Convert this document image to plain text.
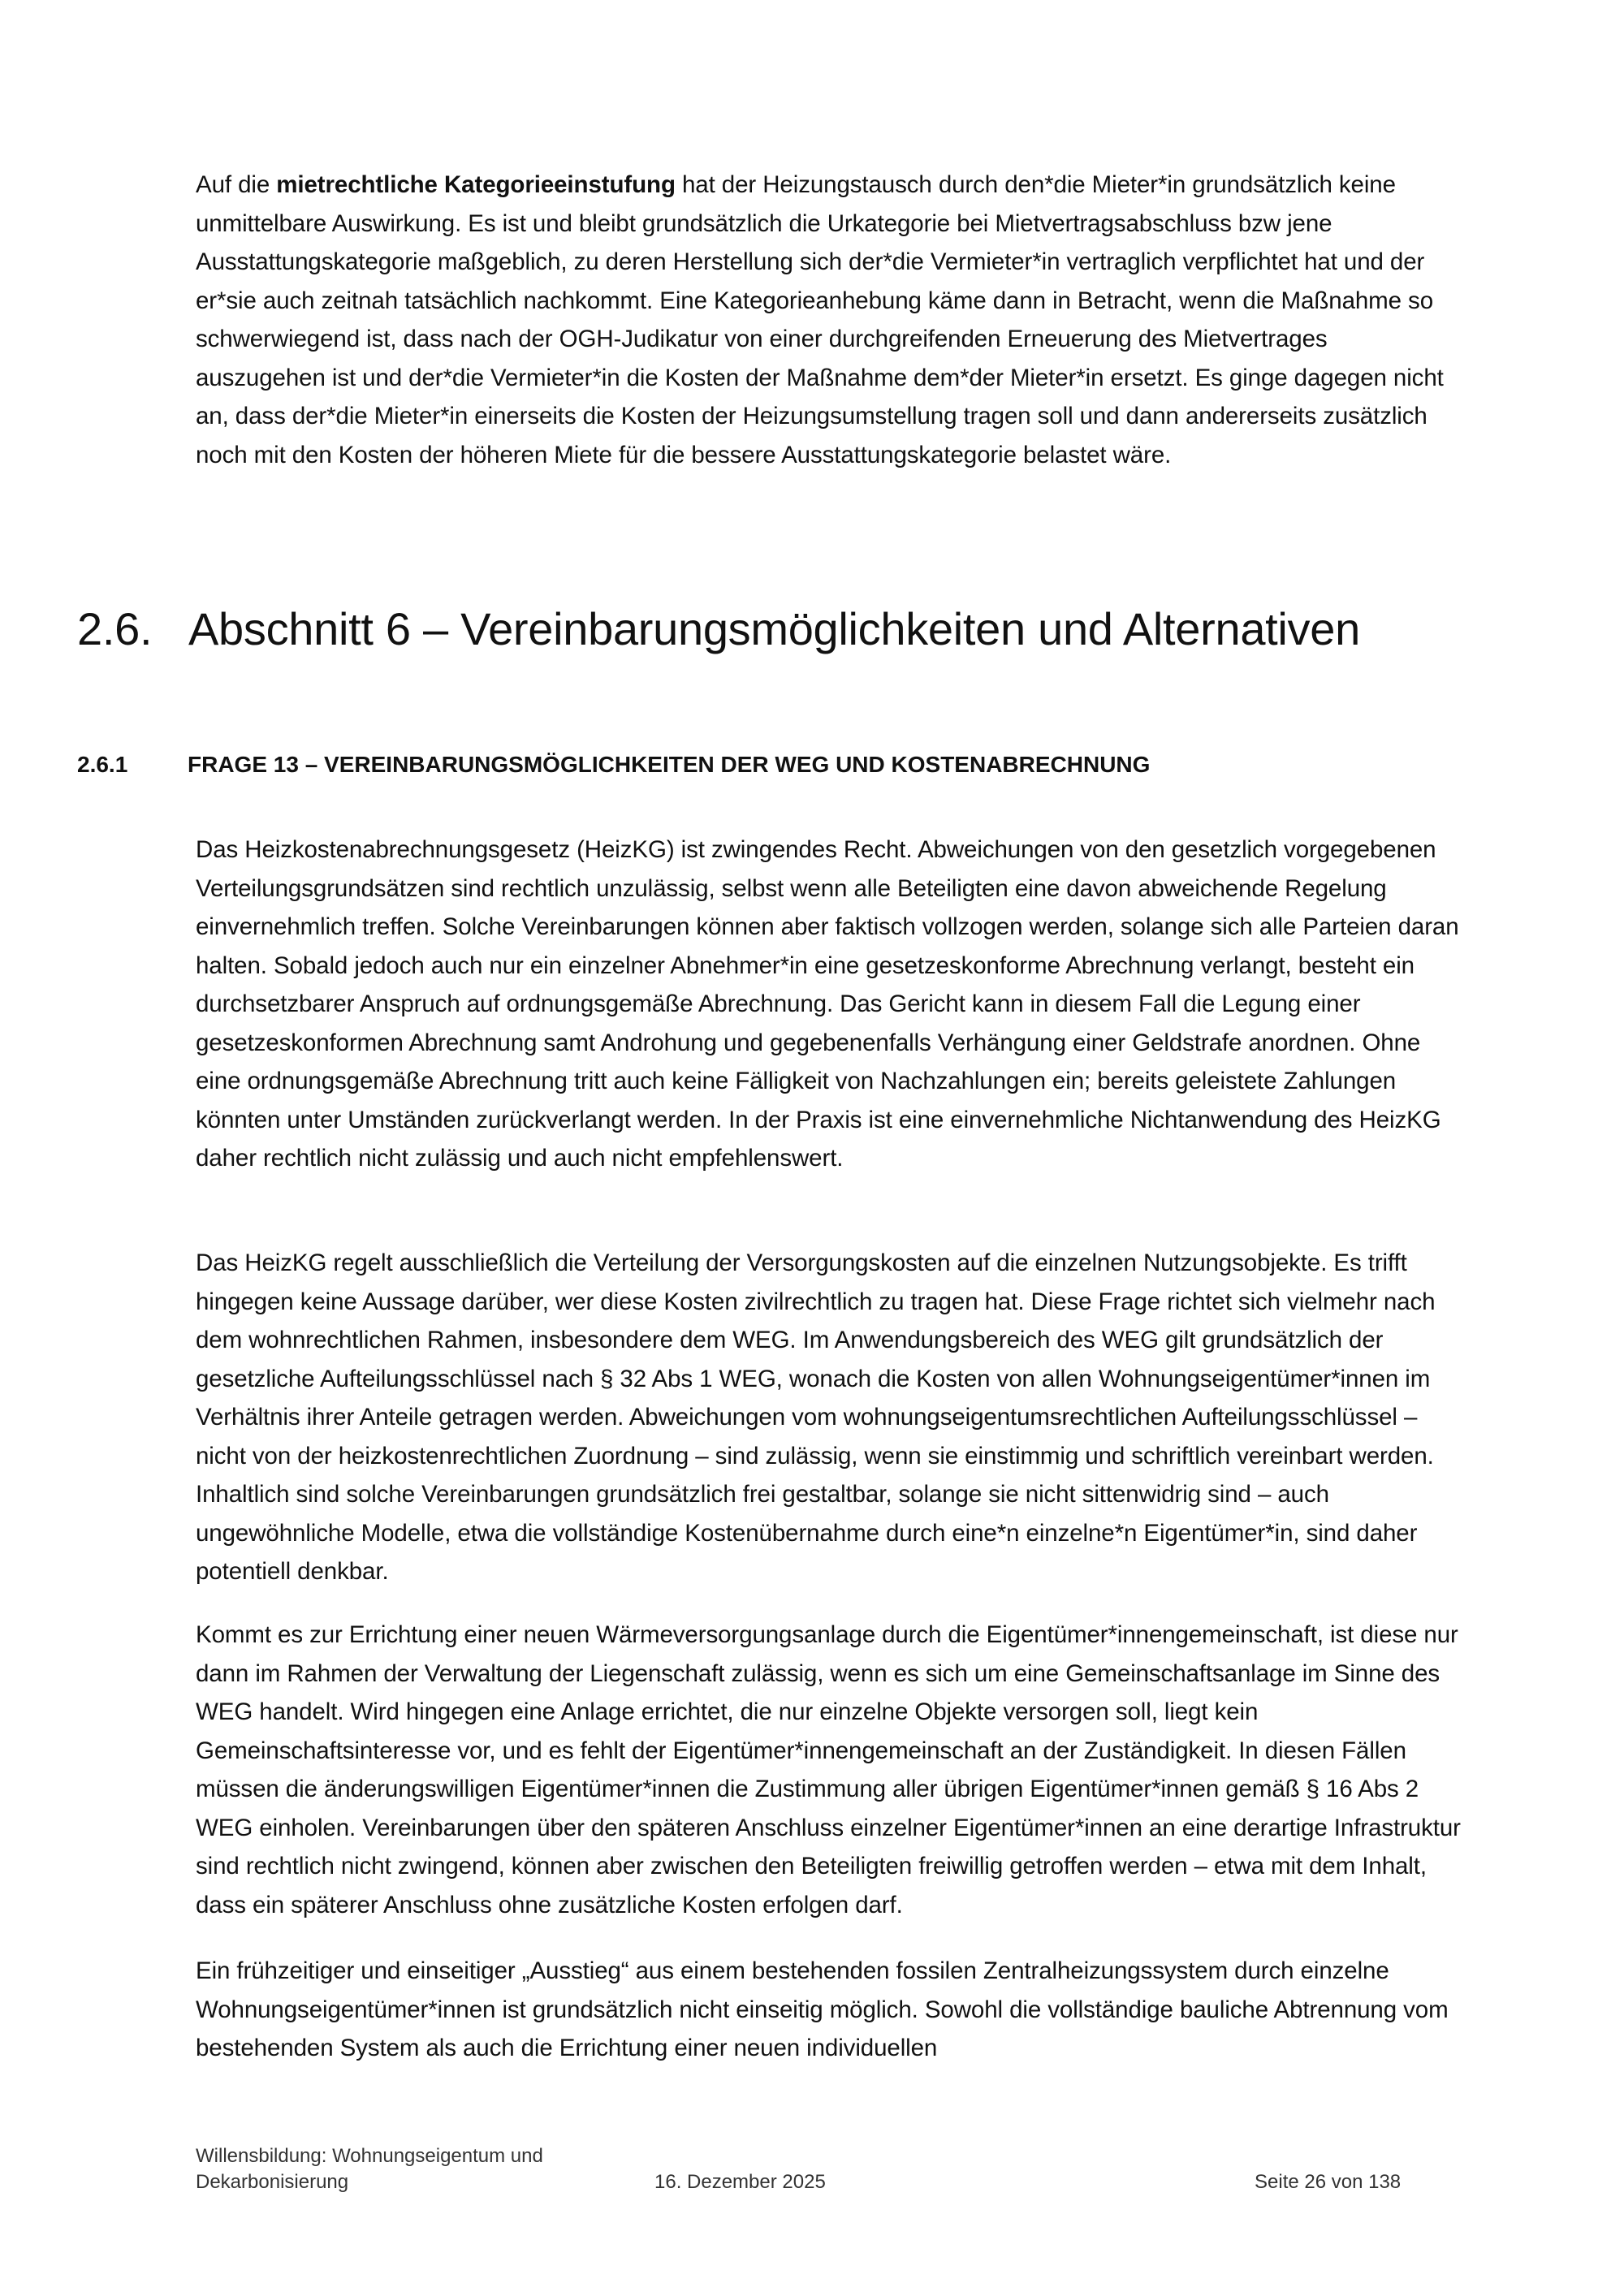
Auf die mietrechtliche Kategorieeinstufung hat der Heizungstausch durch den*die Mieter*in grundsätzlich keine unmittelbare Auswirkung. Es ist und bleibt grundsätzlich die Urkategorie bei Mietvertragsabschluss bzw jene Ausstattungskategorie maßgeblich, zu deren Herstellung sich der*die Vermieter*in vertraglich verpflichtet hat und der er*sie auch zeitnah tatsächlich nachkommt. Eine Kategorieanhebung käme dann in Betracht, wenn die Maßnahme so schwerwiegend ist, dass nach der OGH-Judikatur von einer durchgreifenden Erneuerung des Mietvertrages auszugehen ist und der*die Vermieter*in die Kosten der Maßnahme dem*der Mieter*in ersetzt. Es ginge dagegen nicht an, dass der*die Mieter*in einerseits die Kosten der Heizungsumstellung tragen soll und dann andererseits zusätzlich noch mit den Kosten der höheren Miete für die bessere Ausstattungskategorie belastet wäre.

2.6. Abschnitt 6 – Vereinbarungsmöglichkeiten und Alternativen
2.6.1	FRAGE 13 – VEREINBARUNGSMÖGLICHKEITEN DER WEG UND KOSTENABRECHNUNG

Das Heizkostenabrechnungsgesetz (HeizKG) ist zwingendes Recht. Abweichungen von den gesetzlich vorgegebenen Verteilungsgrundsätzen sind rechtlich unzulässig, selbst wenn alle Beteiligten eine davon abweichende Regelung einvernehmlich treffen. Solche Vereinbarungen können aber faktisch vollzogen werden, solange sich alle Parteien daran halten. Sobald jedoch auch nur ein einzelner Abnehmer*in eine gesetzeskonforme Abrechnung verlangt, besteht ein durchsetzbarer Anspruch auf ordnungsgemäße Abrechnung. Das Gericht kann in diesem Fall die Legung einer gesetzeskonformen Abrechnung samt Androhung und gegebenenfalls Verhängung einer Geldstrafe anordnen. Ohne eine ordnungsgemäße Abrechnung tritt auch keine Fälligkeit von Nachzahlungen ein; bereits geleistete Zahlungen könnten unter Umständen zurückverlangt werden. In der Praxis ist eine einvernehmliche Nichtanwendung des HeizKG daher rechtlich nicht zulässig und auch nicht empfehlenswert.

Das HeizKG regelt ausschließlich die Verteilung der Versorgungskosten auf die einzelnen Nutzungsobjekte. Es trifft hingegen keine Aussage darüber, wer diese Kosten zivilrechtlich zu tragen hat. Diese Frage richtet sich vielmehr nach dem wohnrechtlichen Rahmen, insbesondere dem WEG. Im Anwendungsbereich des WEG gilt grundsätzlich der gesetzliche Aufteilungsschlüssel nach § 32 Abs 1 WEG, wonach die Kosten von allen Wohnungseigentümer*innen im Verhältnis ihrer Anteile getragen werden. Abweichungen vom wohnungseigentumsrechtlichen Aufteilungsschlüssel – nicht von der heizkostenrechtlichen Zuordnung – sind zulässig, wenn sie einstimmig und schriftlich vereinbart werden. Inhaltlich sind solche Vereinbarungen grundsätzlich frei gestaltbar, solange sie nicht sittenwidrig sind – auch ungewöhnliche Modelle, etwa die vollständige Kostenübernahme durch eine*n einzelne*n Eigentümer*in, sind daher potentiell denkbar.

Kommt es zur Errichtung einer neuen Wärmeversorgungsanlage durch die Eigentümer*innengemeinschaft, ist diese nur dann im Rahmen der Verwaltung der Liegenschaft zulässig, wenn es sich um eine Gemeinschaftsanlage im Sinne des WEG handelt. Wird hingegen eine Anlage errichtet, die nur einzelne Objekte versorgen soll, liegt kein Gemeinschaftsinteresse vor, und es fehlt der Eigentümer*innengemeinschaft an der Zuständigkeit. In diesen Fällen müssen die änderungswilligen Eigentümer*innen die Zustimmung aller übrigen Eigentümer*innen gemäß § 16 Abs 2 WEG einholen. Vereinbarungen über den späteren Anschluss einzelner Eigentümer*innen an eine derartige Infrastruktur sind rechtlich nicht zwingend, können aber zwischen den Beteiligten freiwillig getroffen werden – etwa mit dem Inhalt, dass ein späterer Anschluss ohne zusätzliche Kosten erfolgen darf.

Ein frühzeitiger und einseitiger „Ausstieg“ aus einem bestehenden fossilen Zentralheizungssystem durch einzelne Wohnungseigentümer*innen ist grundsätzlich nicht einseitig möglich. Sowohl die vollständige bauliche Abtrennung vom bestehenden System als auch die Errichtung einer neuen individuellen

Willensbildung: Wohnungseigentum und
Dekarbonisierung	16. Dezember 2025	Seite 26 von 138
